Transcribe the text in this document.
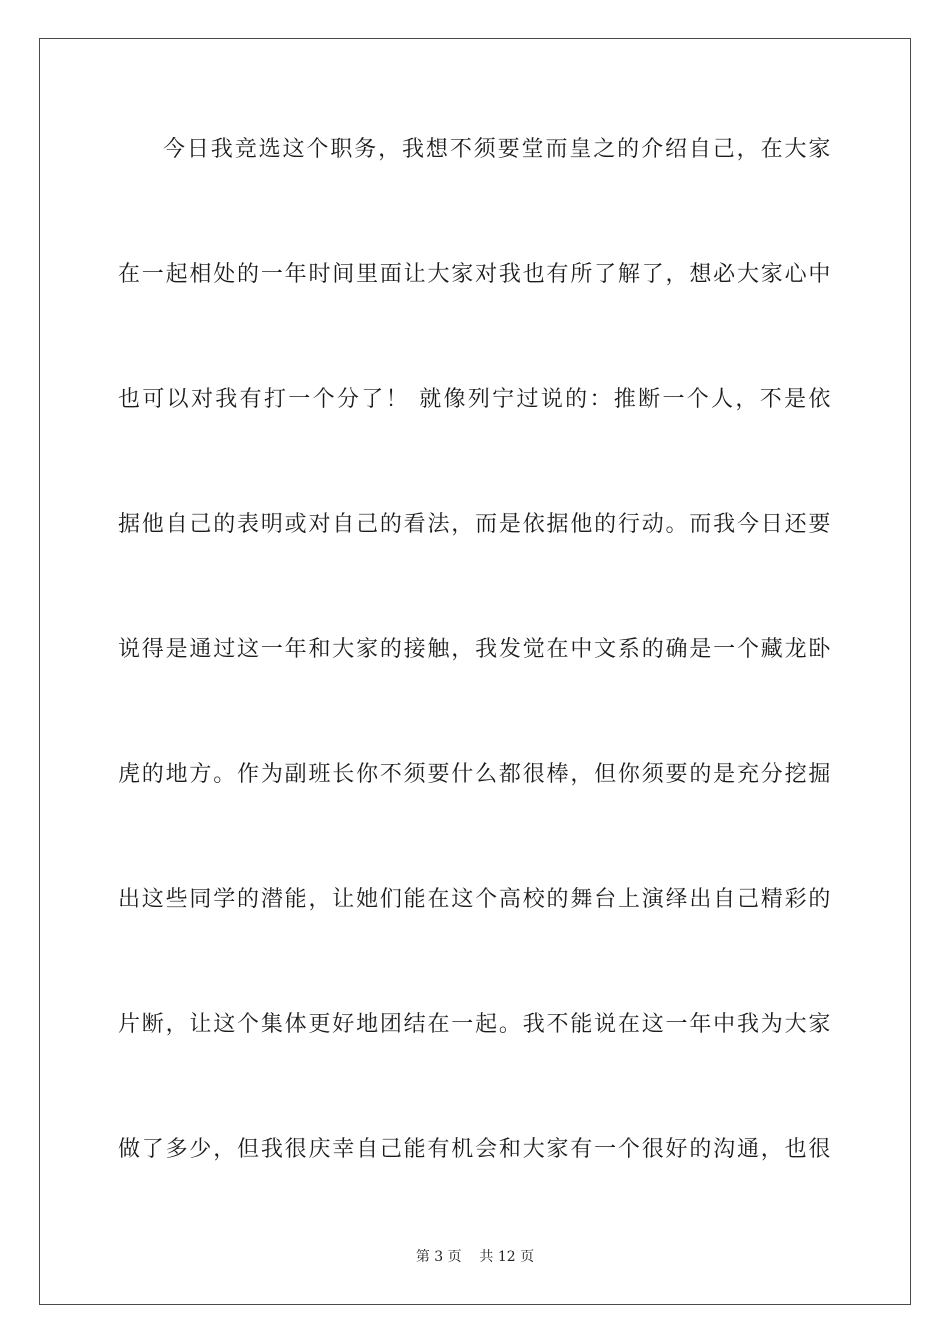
今日我竞选这个职务，我想不须要堂而皇之的介绍自己，在大家
在一起相处的一年时间里面让大家对我也有所了解了，想必大家心中
也可以对我有打一个分了！ 就像列宁过说的：推断一个人，不是依
据他自己的表明或对自己的看法，而是依据他的行动。而我今日还要
说得是通过这一年和大家的接触，我发觉在中文系的确是一个藏龙卧
虎的地方。作为副班长你不须要什么都很棒，但你须要的是充分挖掘
出这些同学的潜能，让她们能在这个高校的舞台上演绎出自己精彩的
片断，让这个集体更好地团结在一起。我不能说在这一年中我为大家
做了多少，但我很庆幸自己能有机会和大家有一个很好的沟通，也很
第 3 页    共 12 页
